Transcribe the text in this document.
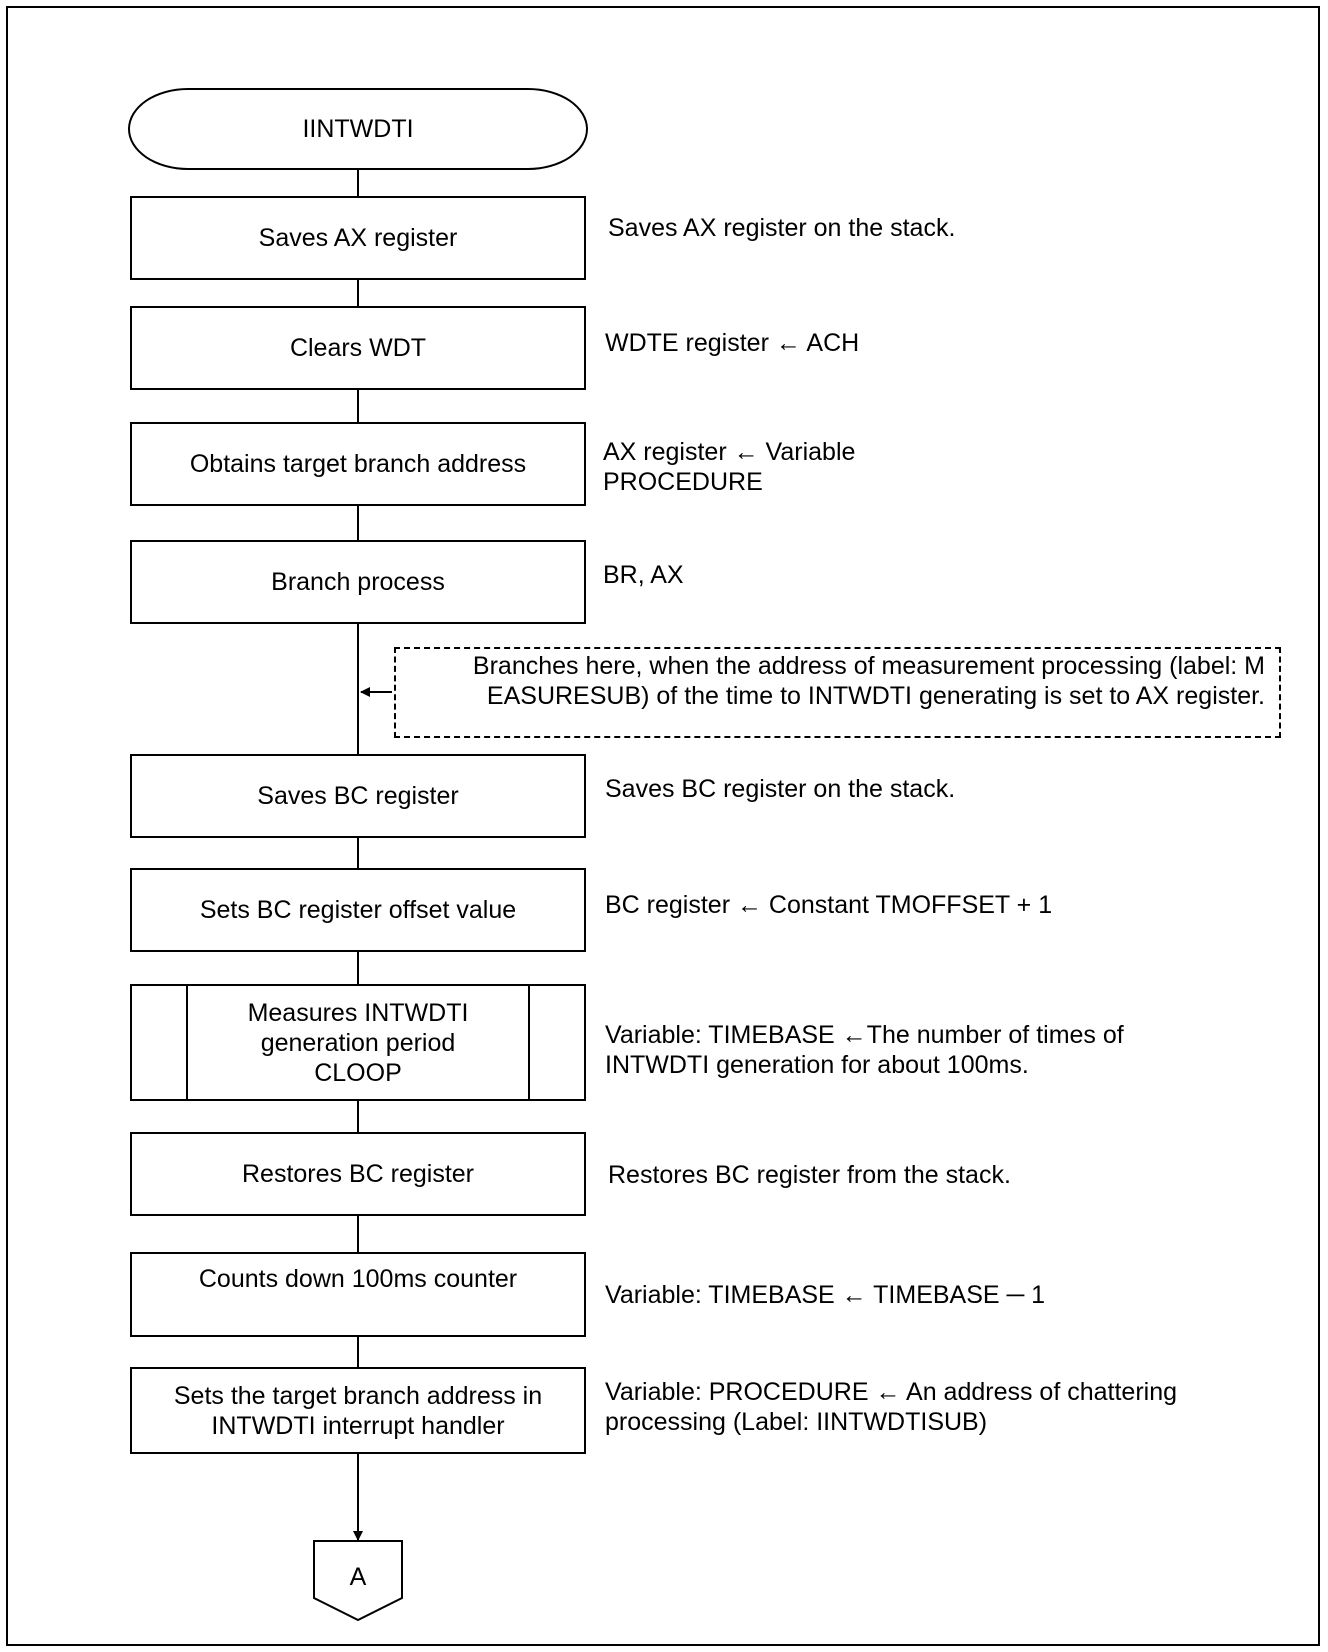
IINTWDTI
Saves AX register	Saves AX register on the stack.
Clears WDT	WDTE register ← ACH
Obtains target branch address	AX register ← Variable
PROCEDURE
Branch process	BR, AX
Branches here, when the address of measurement processing (label: M
EASURESUB) of the time to INTWDTI generating is set to AX register.
Saves BC register	Saves BC register on the stack.
Sets BC register offset value	BC register ← Constant TMOFFSET + 1
Measures INTWDTI
generation period
CLOOP
Variable: TIMEBASE ←The number of times of
INTWDTI generation for about 100ms.
Restores BC register	Restores BC register from the stack.
Counts down 100ms counter
Variable: TIMEBASE ← TIMEBASE ─ 1
Sets the target branch address in
INTWDTI interrupt handler
Variable: PROCEDURE ← An address of chattering
processing (Label: IINTWDTISUB)
A
